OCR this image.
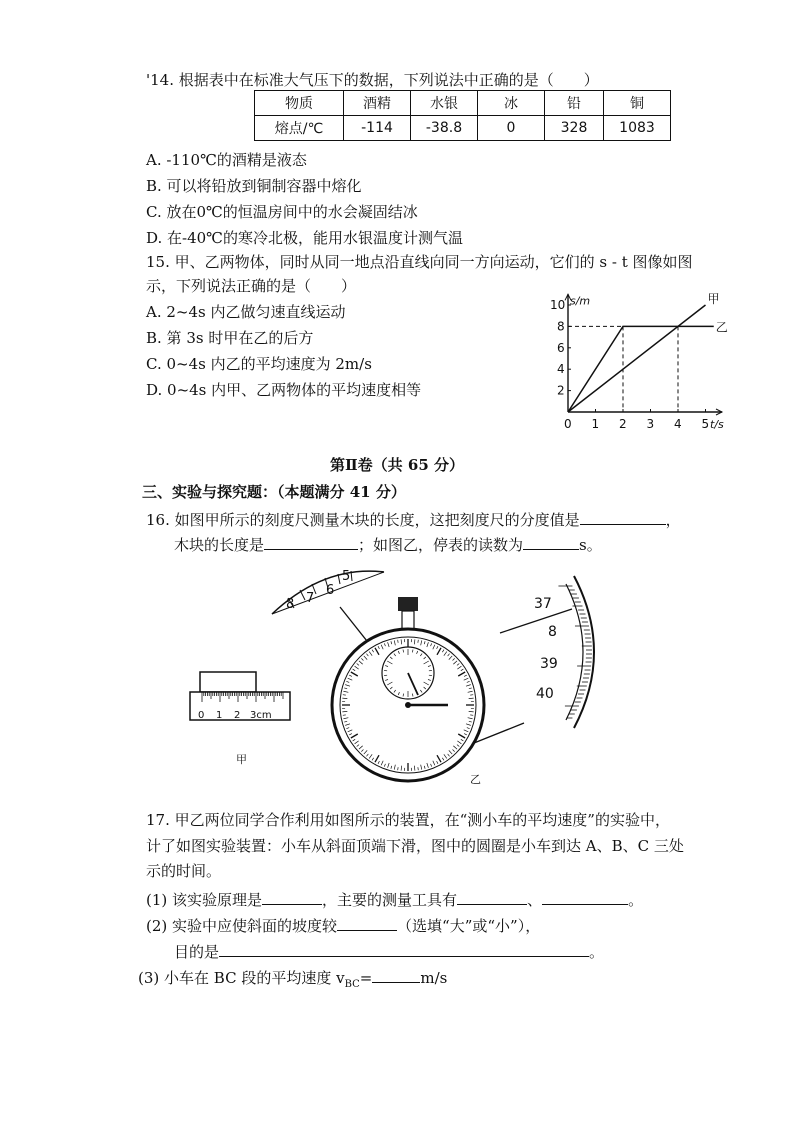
'14. 根据表中在标准大气压下的数据，下列说法中正确的是（　　）
物质	酒精	水银	冰	铅	铜
熔点/℃	-114	-38.8	0	328	1083
A. -110℃的酒精是液态
B. 可以将铅放到铜制容器中熔化
C. 放在0℃的恒温房间中的水会凝固结冰
D. 在-40℃的寒冷北极，能用水银温度计测气温
15. 甲、乙两物体，同时从同一地点沿直线向同一方向运动，它们的 s - t 图像如图
示，下列说法正确的是（　　）
A. 2~4s 内乙做匀速直线运动
B. 第 3s 时甲在乙的后方
C. 0~4s 内乙的平均速度为 2m/s
D. 0~4s 内甲、乙两物体的平均速度相等
甲
乙
t/s
s/m
0 1 2 3 4 5
2
4
6
8
10
第Ⅱ卷（共 65 分）
三、实验与探究题：（本题满分 41 分）
16. 如图甲所示的刻度尺测量木块的长度，这把刻度尺的分度值是	，
木块的长度是	；如图乙，停表的读数为	s。
8 7
6
5
0 1 2 3cm
甲
乙
37
8
39
40
17. 甲乙两位同学合作利用如图所示的装置，在“测小车的平均速度”的实验中，
计了如图实验装置：小车从斜面顶端下滑，图中的圆圈是小车到达 A、B、C 三处
示的时间。
(1) 该实验原理是	，主要的测量工具有	、	。
(2) 实验中应使斜面的坡度较	（选填“大”或“小”），
目的是	。
(3) 小车在 BC 段的平均速度 $v_{BC}=$	m/s
